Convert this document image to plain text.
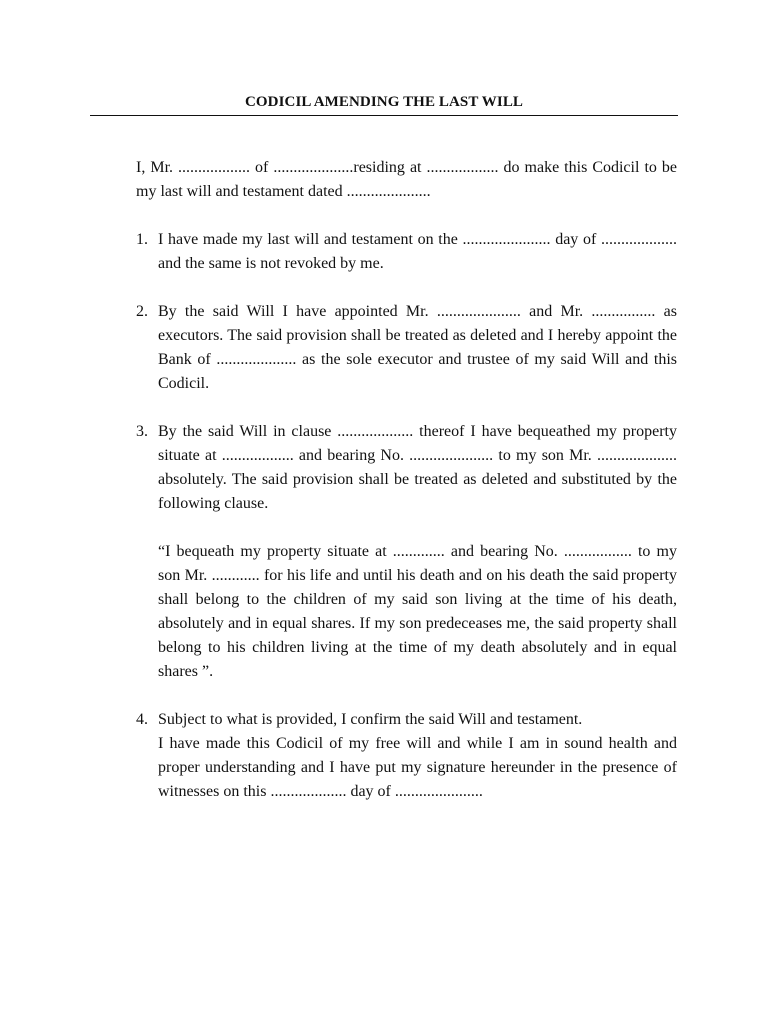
CODICIL AMENDING THE LAST WILL

I, Mr. .................. of ....................residing at .................. do make this Codicil to be my last will and testament dated .....................

1. I have made my last will and testament on the ...................... day of ................... and the same is not revoked by me.

2. By the said Will I have appointed Mr. ..................... and Mr. ................ as executors. The said provision shall be treated as deleted and I hereby appoint the Bank of .................... as the sole executor and trustee of my said Will and this Codicil.

3. By the said Will in clause ................... thereof I have bequeathed my property situate at .................. and bearing No. ..................... to my son Mr. .................... absolutely. The said provision shall be treated as deleted and substituted by the following clause.

“I bequeath my property situate at ............. and bearing No. ................. to my son Mr. ............ for his life and until his death and on his death the said property shall belong to the children of my said son living at the time of his death, absolutely and in equal shares. If my son predeceases me, the said property shall belong to his children living at the time of my death absolutely and in equal shares ”.

4. Subject to what is provided, I confirm the said Will and testament.

I have made this Codicil of my free will and while I am in sound health and proper understanding and I have put my signature hereunder in the presence of witnesses on this ................... day of ......................
